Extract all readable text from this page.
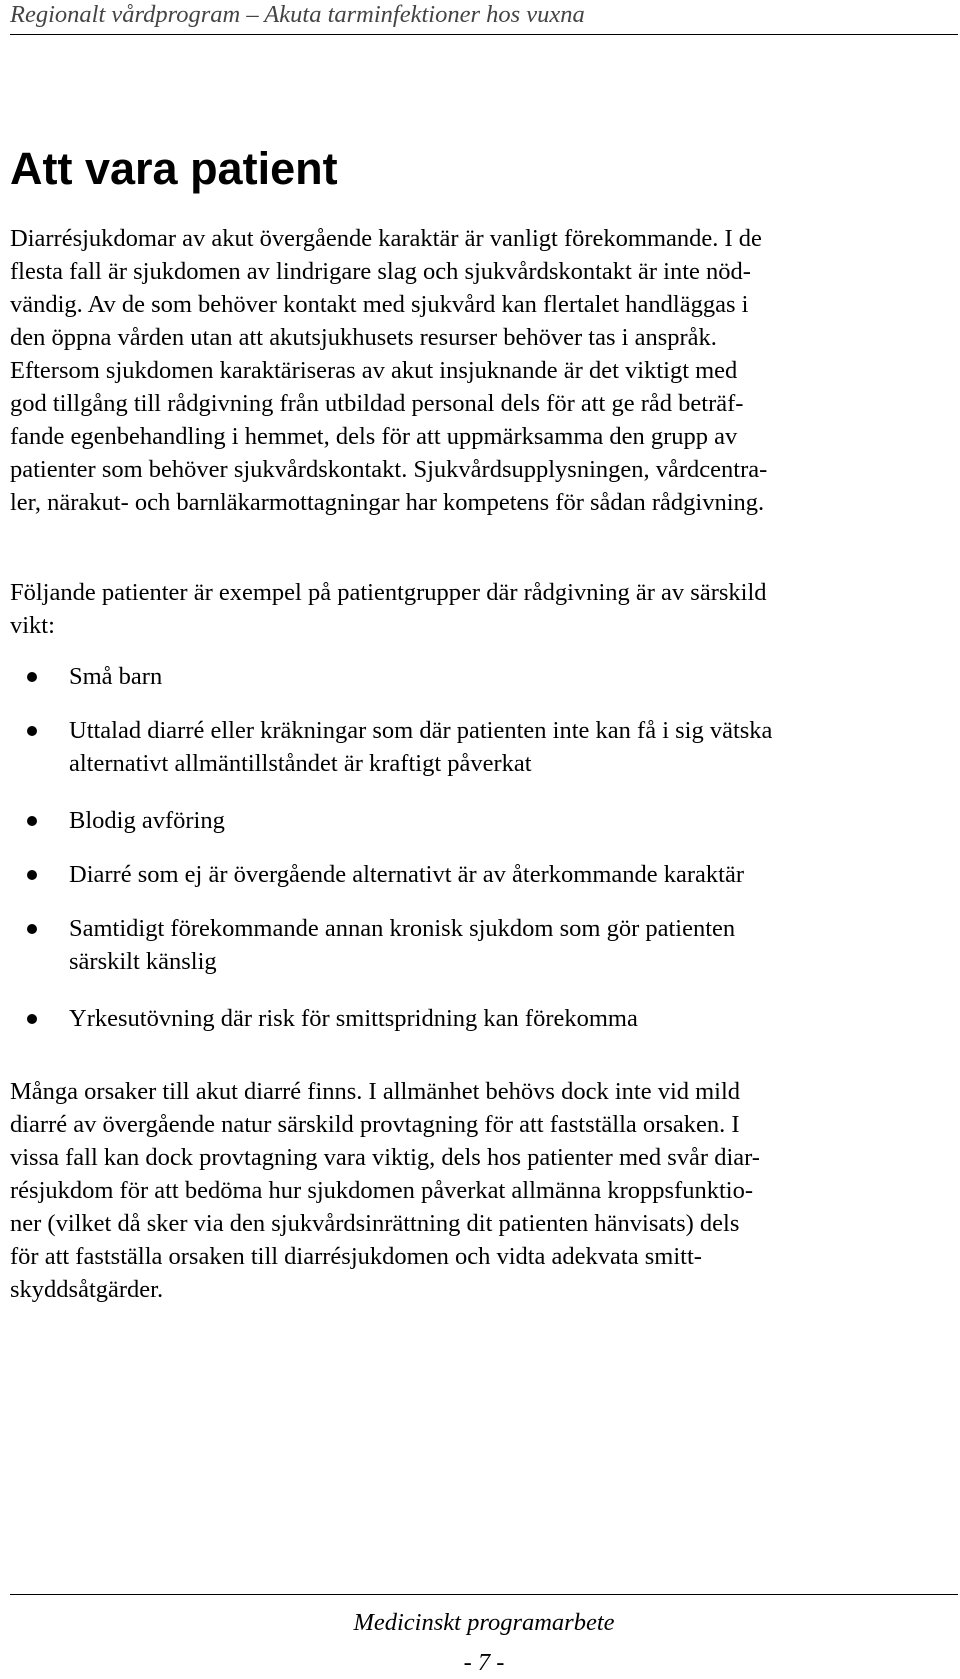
Regionalt vårdprogram – Akuta tarminfektioner hos vuxna
Att vara patient

Diarrésjukdomar av akut övergående karaktär är vanligt förekommande. I de
flesta fall är sjukdomen av lindrigare slag och sjukvårdskontakt är inte nöd-
vändig. Av de som behöver kontakt med sjukvård kan flertalet handläggas i
den öppna vården utan att akutsjukhusets resurser behöver tas i anspråk.
Eftersom sjukdomen karaktäriseras av akut insjuknande är det viktigt med
god tillgång till rådgivning från utbildad personal dels för att ge råd beträf-
fande egenbehandling i hemmet, dels för att uppmärksamma den grupp av
patienter som behöver sjukvårdskontakt. Sjukvårdsupplysningen, vårdcentra-
ler, närakut- och barnläkarmottagningar har kompetens för sådan rådgivning.

Följande patienter är exempel på patientgrupper där rådgivning är av särskild
vikt:

Små barn
Uttalad diarré eller kräkningar som där patienten inte kan få i sig vätska
alternativt allmäntillståndet är kraftigt påverkat
Blodig avföring
Diarré som ej är övergående alternativt är av återkommande karaktär
Samtidigt förekommande annan kronisk sjukdom som gör patienten
särskilt känslig
Yrkesutövning där risk för smittspridning kan förekomma

Många orsaker till akut diarré finns. I allmänhet behövs dock inte vid mild
diarré av övergående natur särskild provtagning för att fastställa orsaken. I
vissa fall kan dock provtagning vara viktig, dels hos patienter med svår diar-
résjukdom för att bedöma hur sjukdomen påverkat allmänna kroppsfunktio-
ner (vilket då sker via den sjukvårdsinrättning dit patienten hänvisats) dels
för att fastställa orsaken till diarrésjukdomen och vidta adekvata smitt-
skyddsåtgärder.

Medicinskt programarbete
- 7 -
